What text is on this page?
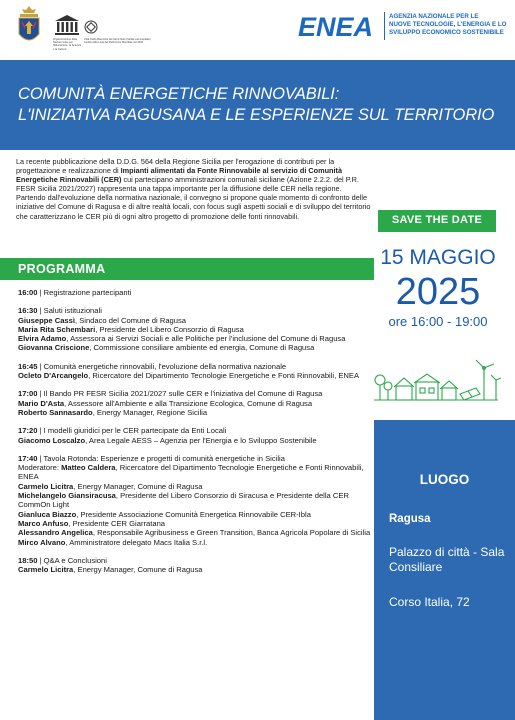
Organizzazione delle Nazioni Unite per l'Educazione, la Scienza e la Cultura
Città Tardo Barocche del Val di Noto (Sicilia sud-orientale) iscritta nella Lista del Patrimonio Mondiale nel 2002
ENEA	AGENZIA NAZIONALE PER LE
NUOVE TECNOLOGIE, L'ENERGIA E LO
SVILUPPO ECONOMICO SOSTENIBILE
COMUNITÀ ENERGETICHE RINNOVABILI:
L'INIZIATIVA RAGUSANA E LE ESPERIENZE SUL TERRITORIO

La recente pubblicazione della D.D.G. 564 della Regione Sicilia per l'erogazione di contributi per la progettazione e realizzazione di Impianti alimentati da Fonte Rinnovabile al servizio di Comunità Energetiche Rinnovabili (CER) cui partecipano amministrazioni comunali siciliane (Azione 2.2.2. del P.R. FESR Sicilia 2021/2027) rappresenta una tappa importante per la diffusione delle CER nella regione.

Partendo dall'evoluzione della normativa nazionale, il convegno si propone quale momento di confronto delle iniziative del Comune di Ragusa e di altre realtà locali, con focus sugli aspetti sociali e di sviluppo del territorio che caratterizzano le CER più di ogni altro progetto di promozione delle fonti rinnovabili.

PROGRAMMA
16:00 | Registrazione partecipanti
16:30 | Saluti istituzionali
Giuseppe Cassì, Sindaco del Comune di Ragusa
Maria Rita Schembari, Presidente del Libero Consorzio di Ragusa
Elvira Adamo, Assessora ai Servizi Sociali e alle Politiche per l'inclusione del Comune di Ragusa
Giovanna Criscione, Commissione consiliare ambiente ed energia, Comune di Ragusa
16:45 | Comunità energetiche rinnovabili, l'evoluzione della normativa nazionale
Ocleto D'Arcangelo, Ricercatore del Dipartimento Tecnologie Energetiche e Fonti Rinnovabili, ENEA
17:00 | Il Bando PR FESR Sicilia 2021/2027 sulle CER e l'iniziativa del Comune di Ragusa
Mario D'Asta, Assessore all'Ambiente e alla Transizione Ecologica, Comune di Ragusa
Roberto Sannasardo, Energy Manager, Regione Sicilia
17:20 | I modelli giuridici per le CER partecipate da Enti Locali
Giacomo Loscalzo, Area Legale AESS – Agenzia per l'Energia e lo Sviluppo Sostenibile
17:40 | Tavola Rotonda: Esperienze e progetti di comunità energetiche in Sicilia
Moderatore: Matteo Caldera, Ricercatore del Dipartimento Tecnologie Energetiche e Fonti Rinnovabili, ENEA
Carmelo Licitra, Energy Manager, Comune di Ragusa
Michelangelo Giansiracusa, Presidente del Libero Consorzio di Siracusa e Presidente della CER CommOn Light
Gianluca Biazzo, Presidente Associazione Comunità Energetica Rinnovabile CER-Ibla
Marco Anfuso, Presidente CER Giarratana
Alessandro Angelica, Responsabile Agribusiness e Green Transition, Banca Agricola Popolare di Sicilia
Mirco Alvano, Amministratore delegato Macs Italia S.r.l.
18:50 | Q&A e Conclusioni
Carmelo Licitra, Energy Manager, Comune di Ragusa
SAVE THE DATE
15 MAGGIO
2025
ore 16:00 - 19:00
LUOGO
Ragusa
Palazzo di città - Sala Consiliare
Corso Italia, 72
